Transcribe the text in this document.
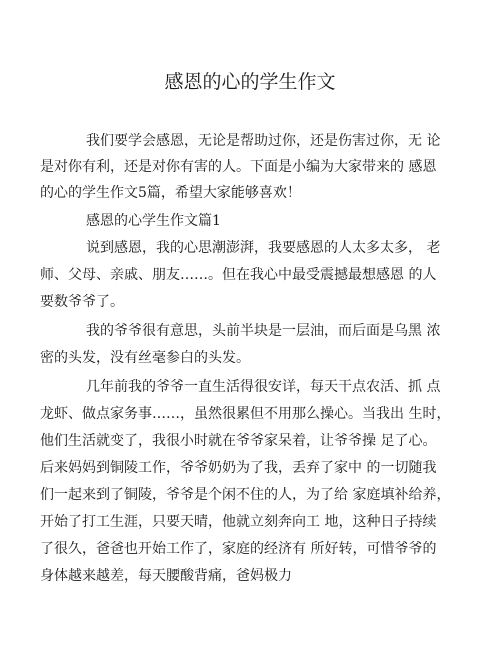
感恩的心的学生作文
我们要学会感恩，无论是帮助过你，还是伤害过你，无 论
是对你有利，还是对你有害的人。下面是小编为大家带来的 感恩
的心的学生作文5篇，希望大家能够喜欢！
感恩的心学生作文篇1
说到感恩，我的心思潮澎湃，我要感恩的人太多太多， 老
师、父母、亲戚、朋友……。但在我心中最受震撼最想感恩 的人
要数爷爷了。
我的爷爷很有意思，头前半块是一层油，而后面是乌黑 浓
密的头发，没有丝毫参白的头发。
几年前我的爷爷一直生活得很安详，每天干点农活、抓 点
龙虾、做点家务事……，虽然很累但不用那么操心。当我出 生时，
他们生活就变了，我很小时就在爷爷家呆着，让爷爷操 足了心。
后来妈妈到铜陵工作，爷爷奶奶为了我，丢弃了家中 的一切随我
们一起来到了铜陵，爷爷是个闲不住的人，为了给 家庭填补给养，
开始了打工生涯，只要天晴，他就立刻奔向工 地，这种日子持续
了很久，爸爸也开始工作了，家庭的经济有 所好转，可惜爷爷的
身体越来越差，每天腰酸背痛，爸妈极力
